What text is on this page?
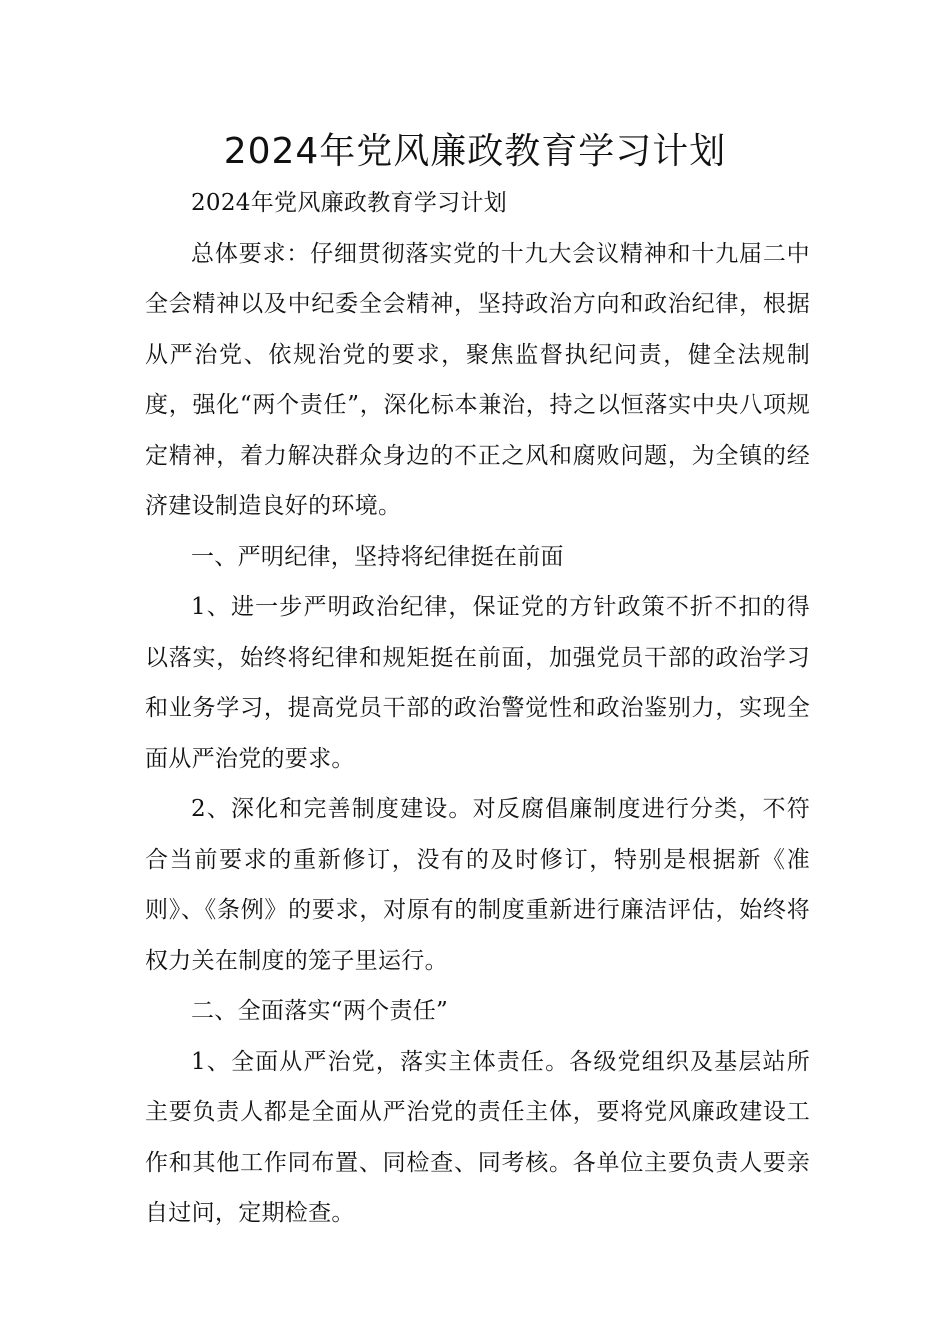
2024年党风廉政教育学习计划

2024年党风廉政教育学习计划

总体要求：仔细贯彻落实党的十九大会议精神和十九届二中全会精神以及中纪委全会精神，坚持政治方向和政治纪律，根据从严治党、依规治党的要求，聚焦监督执纪问责，健全法规制度，强化“两个责任”，深化标本兼治，持之以恒落实中央八项规定精神，着力解决群众身边的不正之风和腐败问题，为全镇的经济建设制造良好的环境。

一、严明纪律，坚持将纪律挺在前面

1、进一步严明政治纪律，保证党的方针政策不折不扣的得以落实，始终将纪律和规矩挺在前面，加强党员干部的政治学习和业务学习，提高党员干部的政治警觉性和政治鉴别力，实现全面从严治党的要求。

2、深化和完善制度建设。对反腐倡廉制度进行分类，不符合当前要求的重新修订，没有的及时修订，特别是根据新《准则》、《条例》的要求，对原有的制度重新进行廉洁评估，始终将权力关在制度的笼子里运行。

二、全面落实“两个责任”

1、全面从严治党，落实主体责任。各级党组织及基层站所主要负责人都是全面从严治党的责任主体，要将党风廉政建设工作和其他工作同布置、同检查、同考核。各单位主要负责人要亲自过问，定期检查。
